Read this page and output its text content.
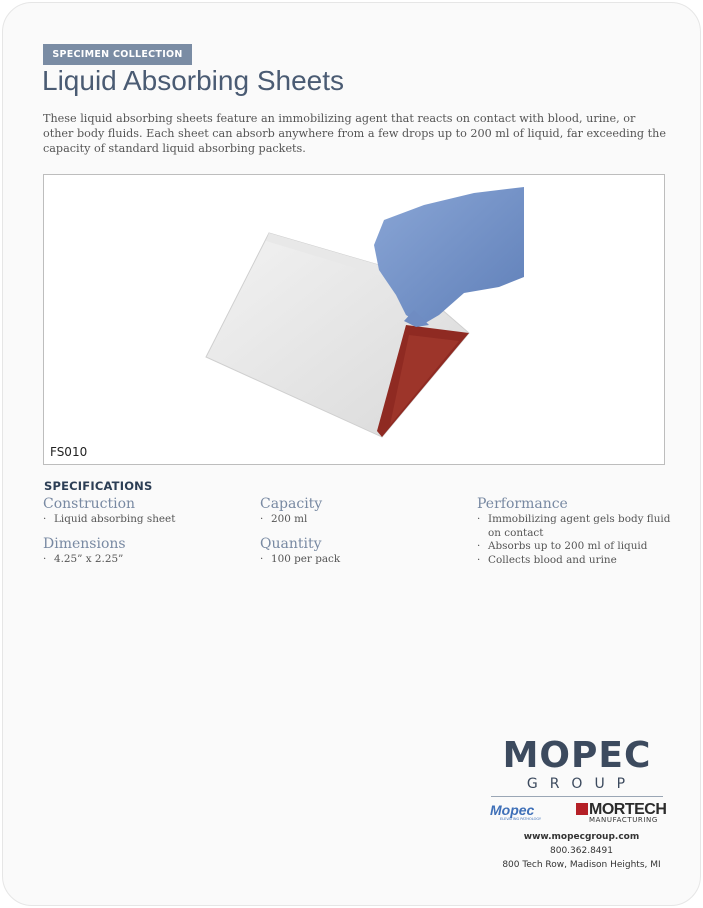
SPECIMEN COLLECTION
Liquid Absorbing Sheets

These liquid absorbing sheets feature an immobilizing agent that reacts on contact with blood, urine, or other body fluids. Each sheet can absorb anywhere from a few drops up to 200 ml of liquid, far exceeding the capacity of standard liquid absorbing packets.

FS010
SPECIFICATIONS
Construction
· Liquid absorbing sheet
Dimensions
· 4.25” x 2.25”
Capacity
· 200 ml
Quantity
· 100 per pack
Performance
· Immobilizing agent gels body fluid on contact
· Absorbs up to 200 ml of liquid
· Collects blood and urine
MOPEC
GROUP
Mopec
ELEVATING PATHOLOGY
MORTECH
MANUFACTURING
www.mopecgroup.com
800.362.8491
800 Tech Row, Madison Heights, MI
